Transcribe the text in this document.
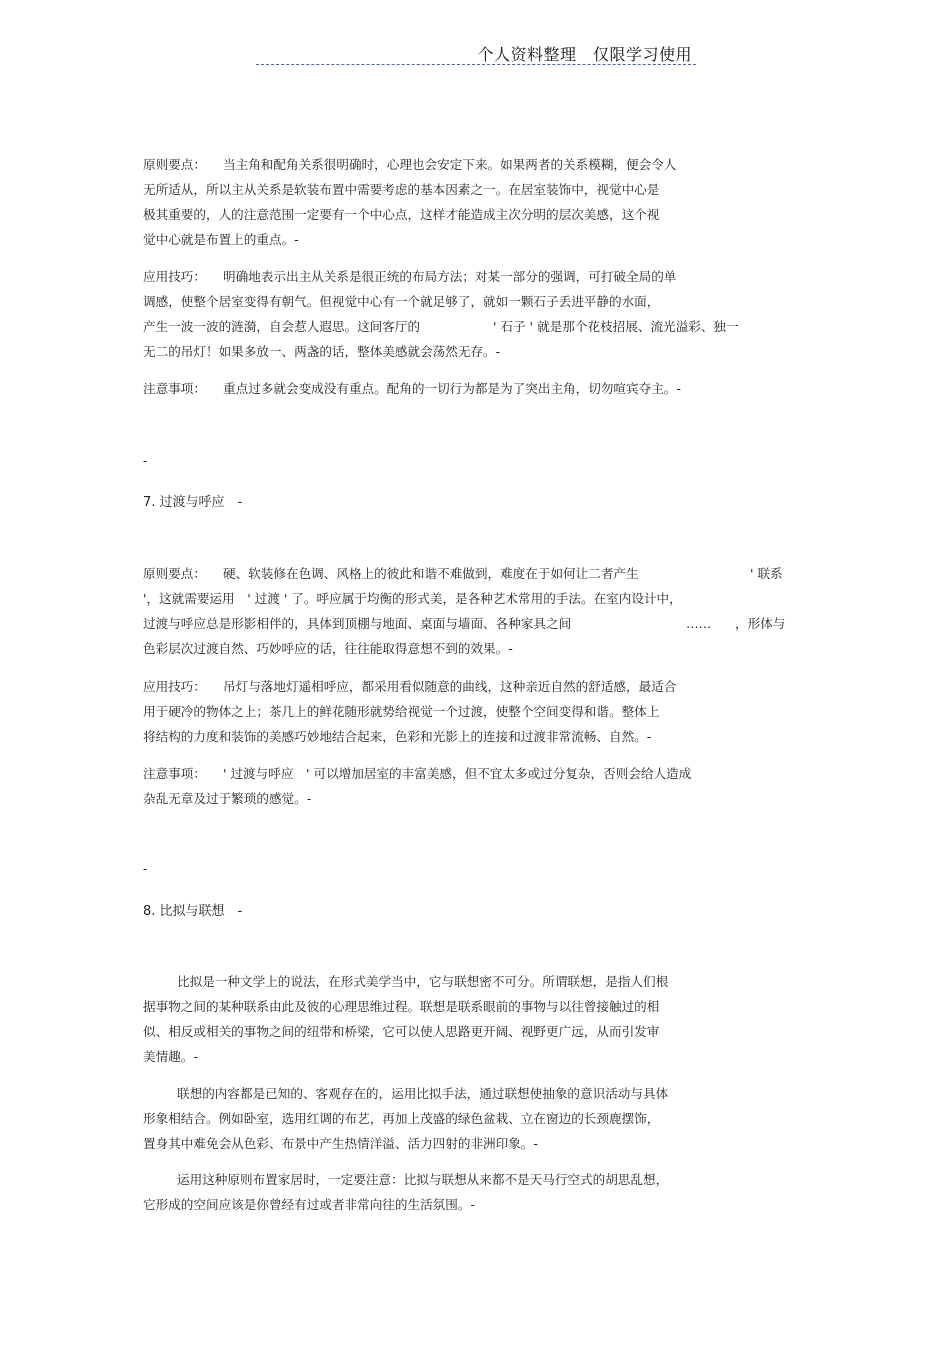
个人资料整理　仅限学习使用
原则要点： 当主角和配角关系很明确时，心理也会安定下来。如果两者的关系模糊，便会令人
无所适从，所以主从关系是软装布置中需要考虑的基本因素之一。在居室装饰中，视觉中心是
极其重要的，人的注意范围一定要有一个中心点，这样才能造成主次分明的层次美感，这个视
觉中心就是布置上的重点。-
应用技巧： 明确地表示出主从关系是很正统的布局方法；对某一部分的强调，可打破全局的单
调感，使整个居室变得有朝气。但视觉中心有一个就足够了，就如一颗石子丢进平静的水面，
产生一波一波的涟漪，自会惹人遐思。这间客厅的
无二的吊灯！如果多放一、两盏的话，整体美感就会荡然无存。-
' 石子 ' 就是那个花枝招展、流光溢彩、独一
注意事项： 重点过多就会变成没有重点。配角的一切行为都是为了突出主角，切勿喧宾夺主。-
-
7. 过渡与呼应　-
原则要点： 硬、软装修在色调、风格上的彼此和谐不难做到，难度在于如何让二者产生
'，这就需要运用　' 过渡 ' 了。呼应属于均衡的形式美，是各种艺术常用的手法。在室内设计中，
过渡与呼应总是形影相伴的，具体到顶棚与地面、桌面与墙面、各种家具之间
色彩层次过渡自然、巧妙呼应的话，往往能取得意想不到的效果。-
' 联系
…… ，形体与
应用技巧： 吊灯与落地灯遥相呼应，都采用看似随意的曲线，这种亲近自然的舒适感，最适合
用于硬冷的物体之上；茶几上的鲜花随形就势给视觉一个过渡，使整个空间变得和谐。整体上
将结构的力度和装饰的美感巧妙地结合起来，色彩和光影上的连接和过渡非常流畅、自然。-
注意事项： ' 过渡与呼应　' 可以增加居室的丰富美感，但不宜太多或过分复杂，否则会给人造成
杂乱无章及过于繁琐的感觉。-
-
8. 比拟与联想　-
比拟是一种文学上的说法，在形式美学当中，它与联想密不可分。所谓联想，是指人们根
据事物之间的某种联系由此及彼的心理思维过程。联想是联系眼前的事物与以往曾接触过的相
似、相反或相关的事物之间的纽带和桥梁，它可以使人思路更开阔、视野更广远，从而引发审
美情趣。-
联想的内容都是已知的、客观存在的，运用比拟手法，通过联想使抽象的意识活动与具体
形象相结合。例如卧室，选用红调的布艺，再加上茂盛的绿色盆栽、立在窗边的长颈鹿摆饰，
置身其中难免会从色彩、布景中产生热情洋溢、活力四射的非洲印象。-
运用这种原则布置家居时，一定要注意：比拟与联想从来都不是天马行空式的胡思乱想，
它形成的空间应该是你曾经有过或者非常向往的生活氛围。-
